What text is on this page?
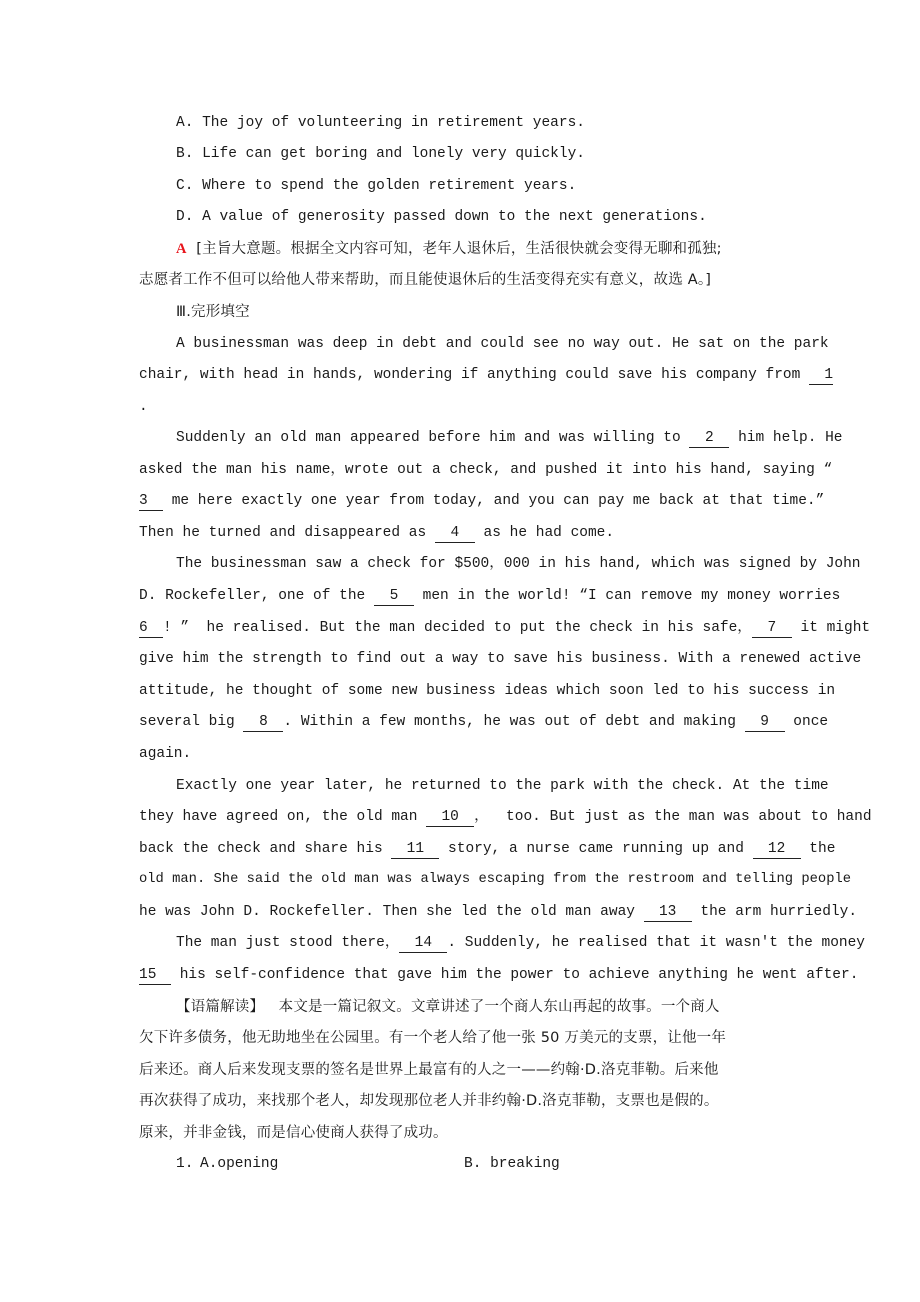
A. The joy of volunteering in retirement years.
B. Life can get boring and lonely very quickly.
C. Where to spend the golden retirement years.
D. A value of generosity passed down to the next generations.
A [主旨大意题。根据全文内容可知，老年人退休后，生活很快就会变得无聊和孤独;
志愿者工作不但可以给他人带来帮助，而且能使退休后的生活变得充实有意义，故选 A。]
Ⅲ.完形填空
A businessman was deep in debt and could see no way out. He sat on the park
chair, with head in hands, wondering if anything could save his company from 1
.
Suddenly an old man appeared before him and was willing to 2 him help. He
asked the man his name，wrote out a check, and pushed it into his hand, saying “
3 me here exactly one year from today, and you can pay me back at that time.”
Then he turned and disappeared as 4 as he had come.
The businessman saw a check for $500，000 in his hand, which was signed by John
D. Rockefeller, one of the 5 men in the world! “I can remove my money worries
6 ! ”  he realised. But the man decided to put the check in his safe， 7 it might
give him the strength to find out a way to save his business. With a renewed active
attitude, he thought of some new business ideas which soon led to his success in
several big 8 . Within a few months, he was out of debt and making 9 once
again.
Exactly one year later, he returned to the park with the check. At the time
they have agreed on, the old man 10 ，  too. But just as the man was about to hand
back the check and share his 11 story, a nurse came running up and 12 the
old man. She said the old man was always escaping from the restroom and telling people
he was John D. Rockefeller. Then she led the old man away 13 the arm hurriedly.
The man just stood there， 14 . Suddenly, he realised that it wasn't the money
15 his self-confidence that gave him the power to achieve anything he went after.
【语篇解读】 本文是一篇记叙文。文章讲述了一个商人东山再起的故事。一个商人
欠下许多债务，他无助地坐在公园里。有一个老人给了他一张 50 万美元的支票，让他一年
后来还。商人后来发现支票的签名是世界上最富有的人之一——约翰·D.洛克菲勒。后来他
再次获得了成功，来找那个老人，却发现那位老人并非约翰·D.洛克菲勒，支票也是假的。
原来，并非金钱，而是信心使商人获得了成功。
1. A.opening	B. breaking
